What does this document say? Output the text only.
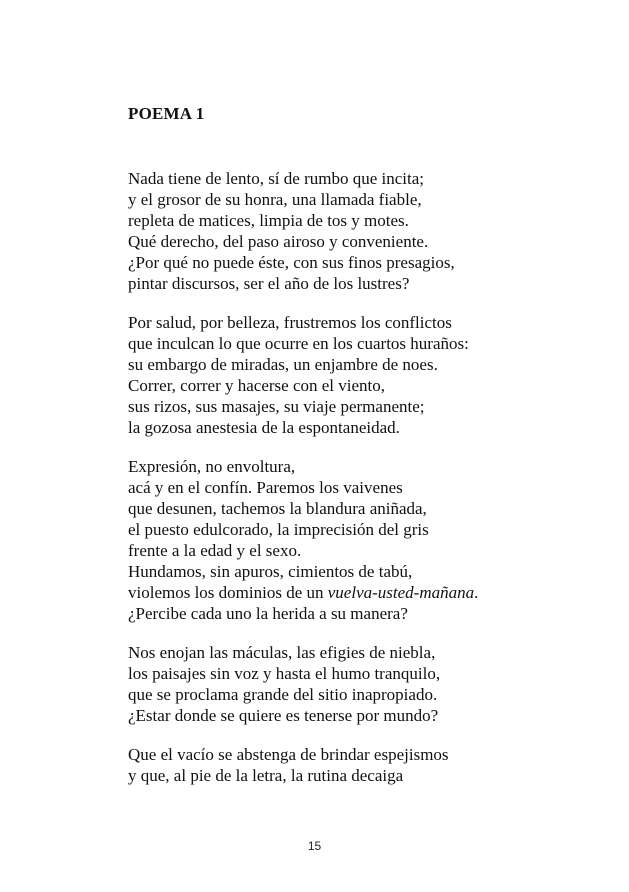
POEMA 1
Nada tiene de lento, sí de rumbo que incita;
y el grosor de su honra, una llamada fiable,
repleta de matices, limpia de tos y motes.
Qué derecho, del paso airoso y conveniente.
¿Por qué no puede éste, con sus finos presagios,
pintar discursos, ser el año de los lustres?
Por salud, por belleza, frustremos los conflictos
que inculcan lo que ocurre en los cuartos huraños:
su embargo de miradas, un enjambre de noes.
Correr, correr y hacerse con el viento,
sus rizos, sus masajes, su viaje permanente;
la gozosa anestesia de la espontaneidad.
Expresión, no envoltura,
acá y en el confín. Paremos los vaivenes
que desunen, tachemos la blandura aniñada,
el puesto edulcorado, la imprecisión del gris
frente a la edad y el sexo.
Hundamos, sin apuros, cimientos de tabú,
violemos los dominios de un vuelva-usted-mañana.
¿Percibe cada uno la herida a su manera?
Nos enojan las máculas, las efigies de niebla,
los paisajes sin voz y hasta el humo tranquilo,
que se proclama grande del sitio inapropiado.
¿Estar donde se quiere es tenerse por mundo?
Que el vacío se abstenga de brindar espejismos
y que, al pie de la letra, la rutina decaiga
15
